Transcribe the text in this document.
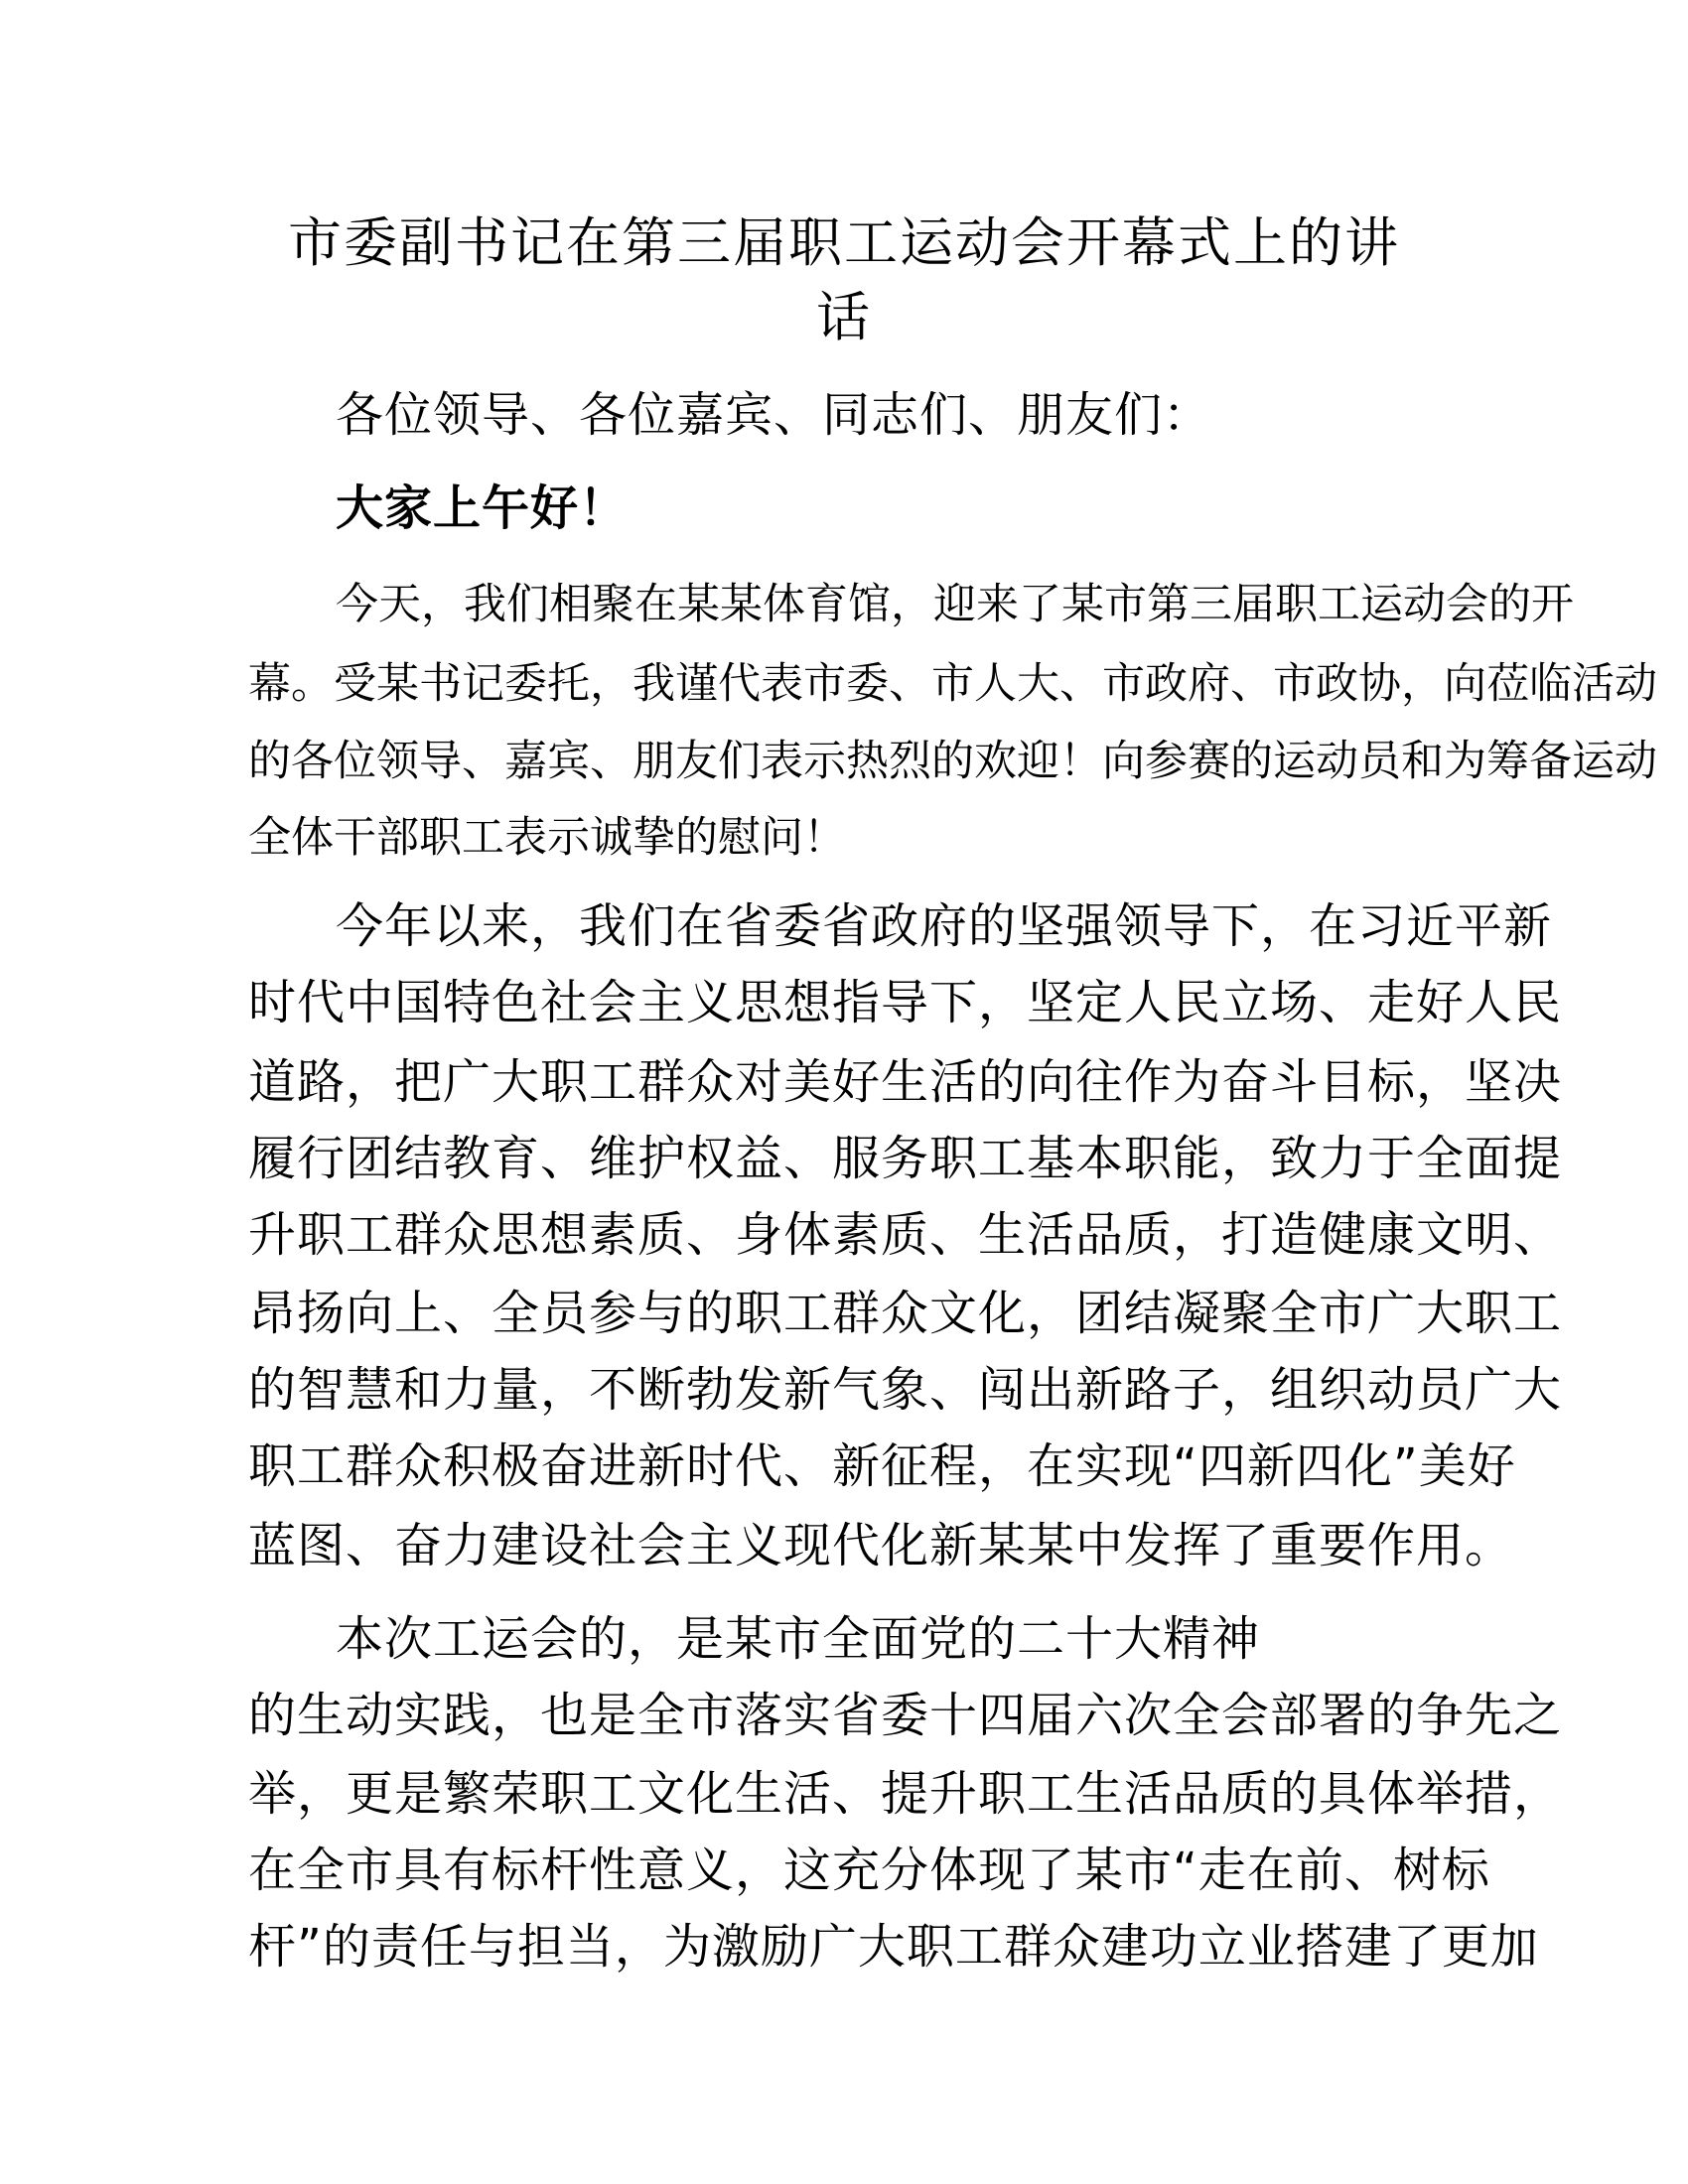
市委副书记在第三届职工运动会开幕式上的讲
话
各位领导、各位嘉宾、同志们、朋友们：
大家上午好！
今天，我们相聚在某某体育馆，迎来了某市第三届职工运动会的开
幕。受某书记委托，我谨代表市委、市人大、市政府、市政协，向莅临活动
的各位领导、嘉宾、朋友们表示热烈的欢迎！向参赛的运动员和为筹备运动
全体干部职工表示诚挚的慰问！
今年以来，我们在省委省政府的坚强领导下，在习近平新
时代中国特色社会主义思想指导下，坚定人民立场、走好人民
道路，把广大职工群众对美好生活的向往作为奋斗目标，坚决
履行团结教育、维护权益、服务职工基本职能，致力于全面提
升职工群众思想素质、身体素质、生活品质，打造健康文明、
昂扬向上、全员参与的职工群众文化，团结凝聚全市广大职工
的智慧和力量，不断勃发新气象、闯出新路子，组织动员广大
职工群众积极奋进新时代、新征程，在实现“四新四化”美好
蓝图、奋力建设社会主义现代化新某某中发挥了重要作用。
本次工运会的，是某市全面党的二十大精神
的生动实践，也是全市落实省委十四届六次全会部署的争先之
举，更是繁荣职工文化生活、提升职工生活品质的具体举措，
在全市具有标杆性意义，这充分体现了某市“走在前、树标
杆”的责任与担当，为激励广大职工群众建功立业搭建了更加
